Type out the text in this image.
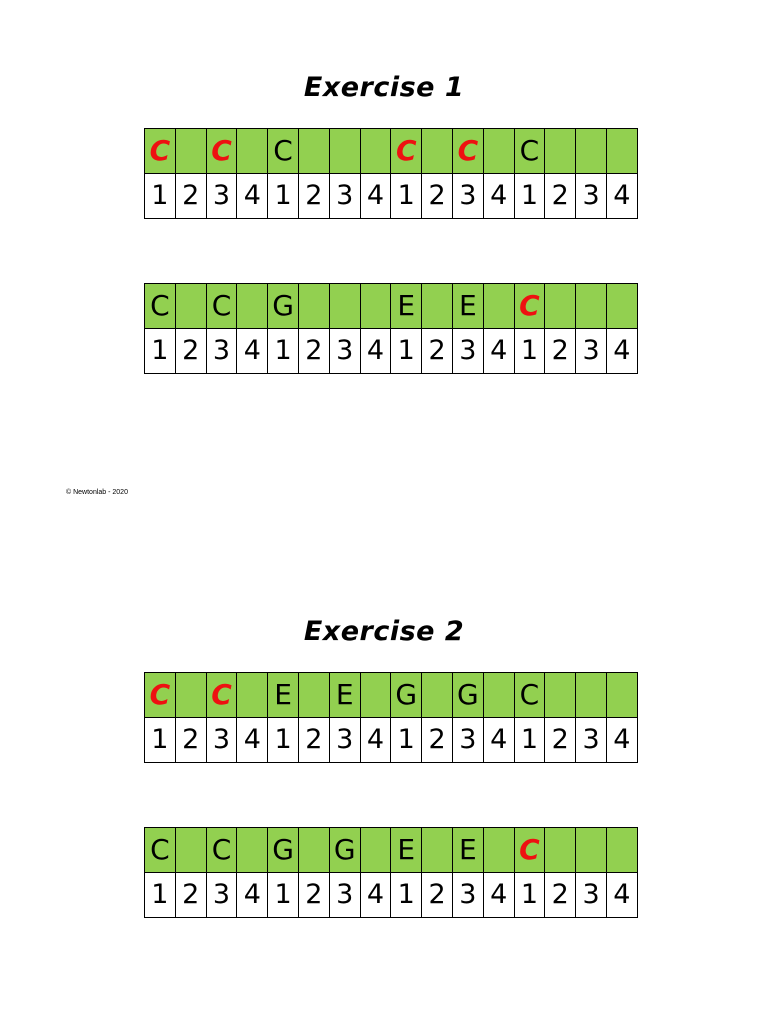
Exercise 1
C		C		C				C		C		C			
1	2	3	4	1	2	3	4	1	2	3	4	1	2	3	4
C		C		G				E		E		C			
1	2	3	4	1	2	3	4	1	2	3	4	1	2	3	4
© Newtonlab - 2020
Exercise 2
C		C		E		E		G		G		C			
1	2	3	4	1	2	3	4	1	2	3	4	1	2	3	4
C		C		G		G		E		E		C			
1	2	3	4	1	2	3	4	1	2	3	4	1	2	3	4
